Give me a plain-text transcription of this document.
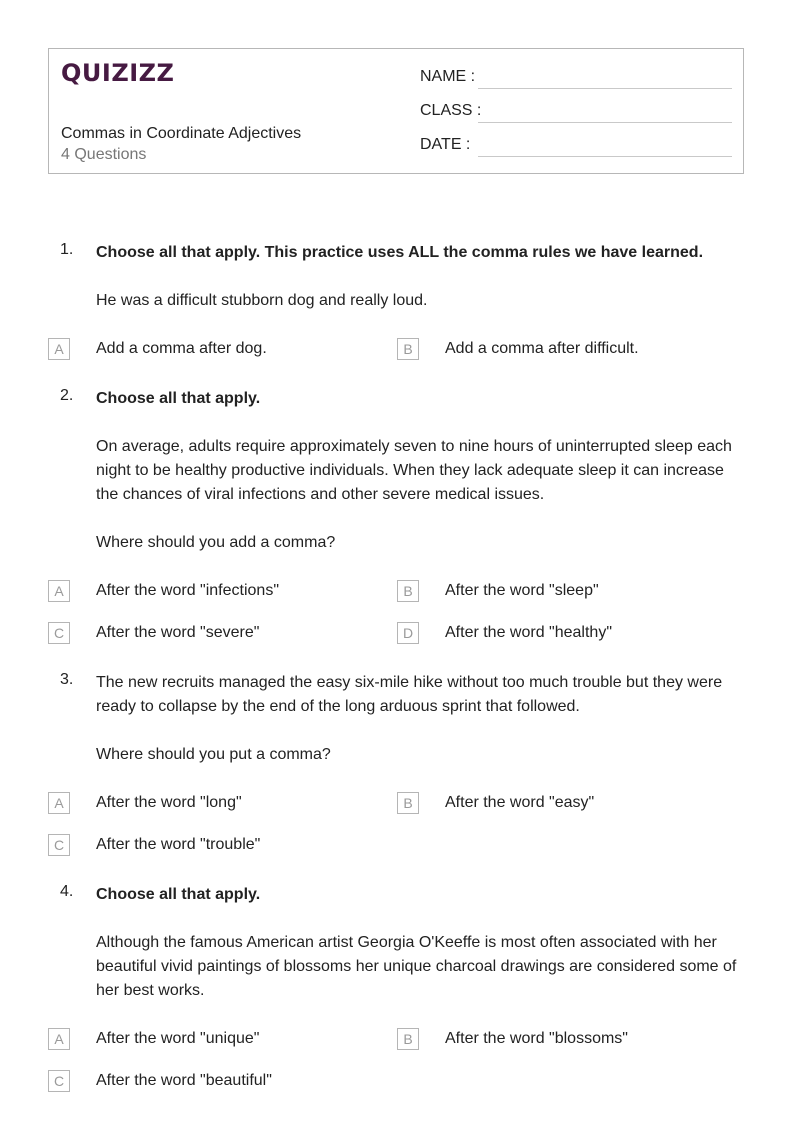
QUIZIZZ
Commas in Coordinate Adjectives
4 Questions
NAME :
CLASS :
DATE :
1. Choose all that apply. This practice uses ALL the comma rules we have learned.
He was a difficult stubborn dog and really loud.
A	Add a comma after dog.	B	Add a comma after difficult.
2. Choose all that apply.
On average, adults require approximately seven to nine hours of uninterrupted sleep each night to be healthy productive individuals. When they lack adequate sleep it can increase the chances of viral infections and other severe medical issues.
Where should you add a comma?
A	After the word "infections"	B	After the word "sleep"
C	After the word "severe"	D	After the word "healthy"
3. The new recruits managed the easy six-mile hike without too much trouble but they were ready to collapse by the end of the long arduous sprint that followed.
Where should you put a comma?
A	After the word "long"	B	After the word "easy"
C	After the word "trouble"
4. Choose all that apply.
Although the famous American artist Georgia O'Keeffe is most often associated with her beautiful vivid paintings of blossoms her unique charcoal drawings are considered some of her best works.
A	After the word "unique"	B	After the word "blossoms"
C	After the word "beautiful"
